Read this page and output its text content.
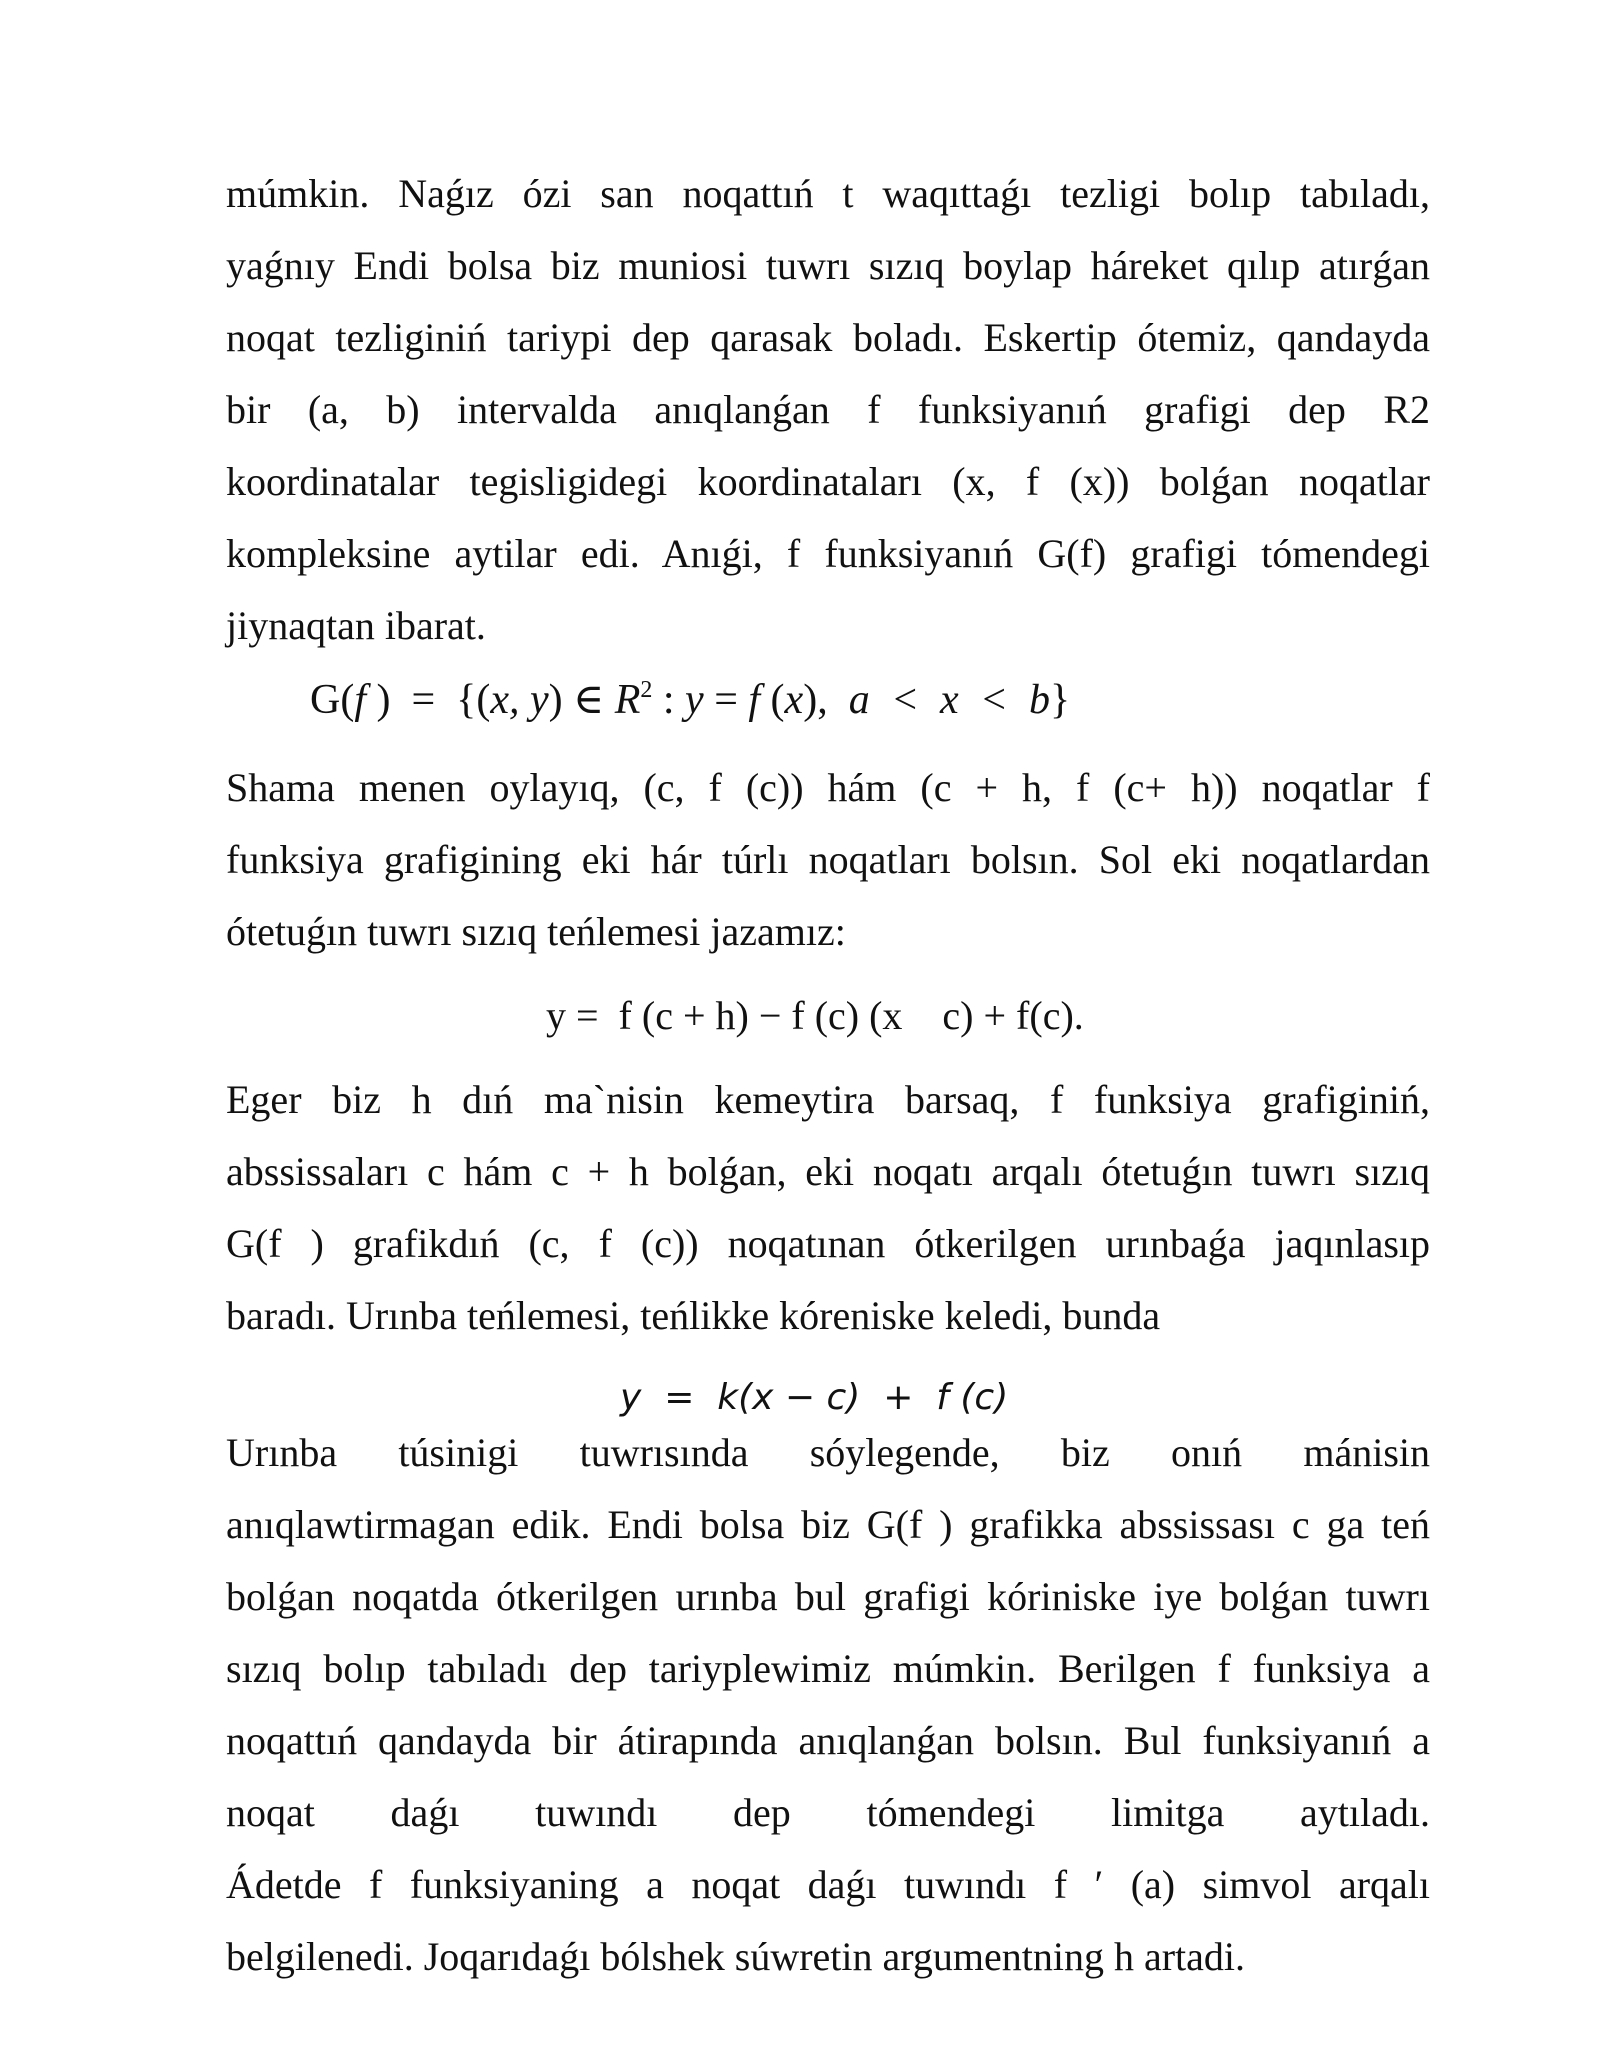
múmkin. Naǵız ózi san noqattıń t waqıttaǵı tezligi bolıp tabıladı,
yaǵnıy Endi bolsa biz muniosi tuwrı sızıq boylap háreket qılıp atırǵan
noqat tezliginiń tariypi dep qarasak boladı. Eskertip ótemiz, qandayda
bir (a, b) intervalda anıqlanǵan f funksiyanıń grafigi dep R2
koordinatalar tegisligidegi koordinataları (x, f (x)) bolǵan noqatlar
kompleksine aytilar edi. Anıǵi, f funksiyanıń G(f) grafigi tómendegi
jiynaqtan ibarat.
G(f )  =  {(x, y) ∈ $R^2$ : y = f (x),  a  <  x  <  b}
Shama menen oylayıq, (c, f (c)) hám (c + h, f (c+ h)) noqatlar f
funksiya grafigining eki hár túrlı noqatları bolsın. Sol eki noqatlardan
ótetuǵın tuwrı sızıq teńlemesi jazamız:
y =  f (c + h) − f (c) (x    c) + f(c).
Eger biz h dıń ma`nisin kemeytira barsaq, f funksiya grafiginiń,
abssissaları c hám c + h bolǵan, eki noqatı arqalı ótetuǵın tuwrı sızıq
G(f ) grafikdıń (c, f (c)) noqatınan ótkerilgen urınbaǵa jaqınlasıp
baradı. Urınba teńlemesi, teńlikke kóreniske keledi, bunda
y  =  k(x − c)  +  f (c)
Urınba túsinigi tuwrısında sóylegende, biz onıń mánisin
anıqlawtirmagan edik. Endi bolsa biz G(f ) grafikka abssissası c ga teń
bolǵan noqatda ótkerilgen urınba bul grafigi kóriniske iye bolǵan tuwrı
sızıq bolıp tabıladı dep tariyplewimiz múmkin. Berilgen f funksiya a
noqattıń qandayda bir átirapında anıqlanǵan bolsın. Bul funksiyanıń a
noqat daǵı tuwındı dep tómendegi limitga aytıladı.
Ádetde f funksiyaning a noqat daǵı tuwındı f ′ (a) simvol arqalı
belgilenedi. Joqarıdaǵı bólshek súwretin argumentning h artadi.
